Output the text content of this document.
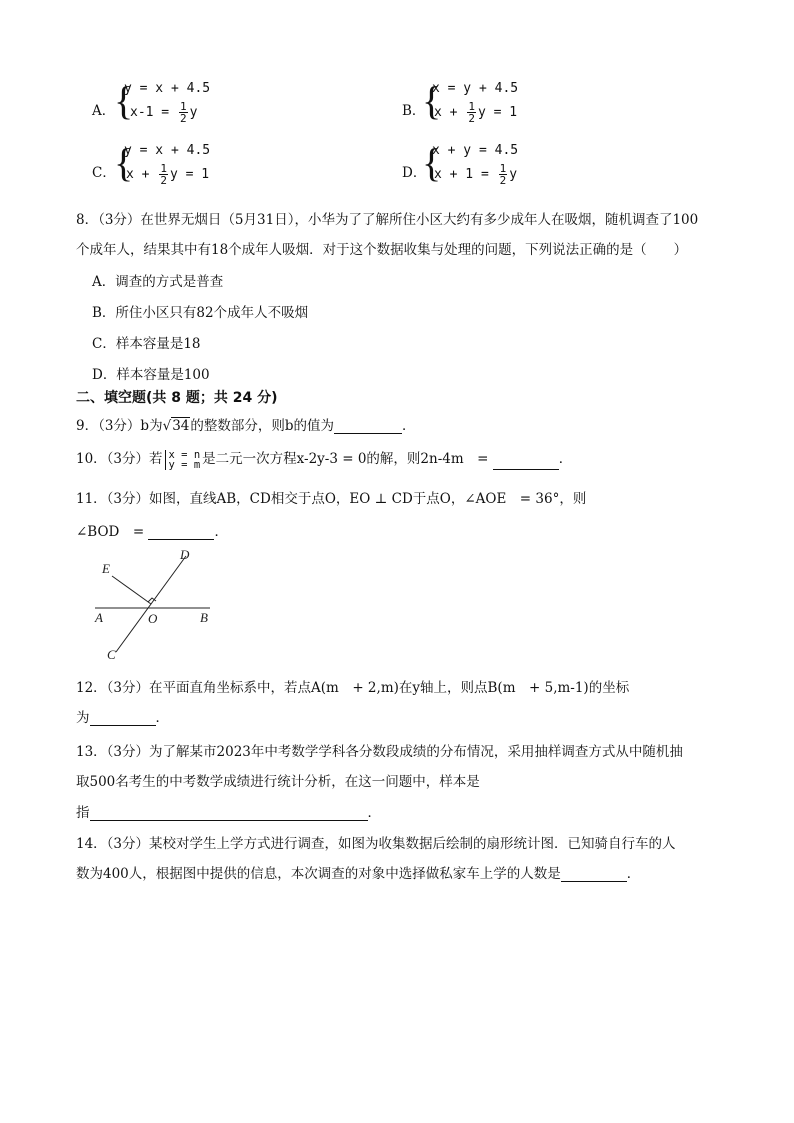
A．
{
y = x + 4.5
$x-1 = \frac{1}{2}$ y	B．
{
x = y + 4.5
$x + \frac{1}{2}$ y = 1
C．
{
y = x + 4.5
$x + \frac{1}{2}$ y = 1	D．
{
x + y = 4.5
$x + 1 = \frac{1}{2}$ y
8．（3分）在世界无烟日（5月31日），小华为了了解所住小区大约有多少成年人在吸烟，随机调查了100
个成年人，结果其中有18个成年人吸烟．对于这个数据收集与处理的问题，下列说法正确的是（　　）
A．调查的方式是普查
B．所住小区只有82个成年人不吸烟
C．样本容量是18
D．样本容量是100
二、填空题(共 8 题；共 24 分)
9．（3分）b为√34的整数部分，则b的值为	．
10．（3分）若 x = n
y = m 是二元一次方程x-2y-3 = 0的解，则2n-4m　=	．
11．（3分）如图，直线AB，CD相交于点O，EO ⊥ CD于点O，∠AOE　= 36°，则
∠BOD　=	．
E
D
A	O	B
C
12．（3分）在平面直角坐标系中，若点A(m　+ 2,m)在y轴上，则点B(m　+ 5,m-1)的坐标
为	．
13．（3分）为了解某市2023年中考数学学科各分数段成绩的分布情况，采用抽样调查方式从中随机抽
取500名考生的中考数学成绩进行统计分析，在这一问题中，样本是
指	．
14．（3分）某校对学生上学方式进行调查，如图为收集数据后绘制的扇形统计图．已知骑自行车的人
数为400人，根据图中提供的信息，本次调查的对象中选择做私家车上学的人数是	．
